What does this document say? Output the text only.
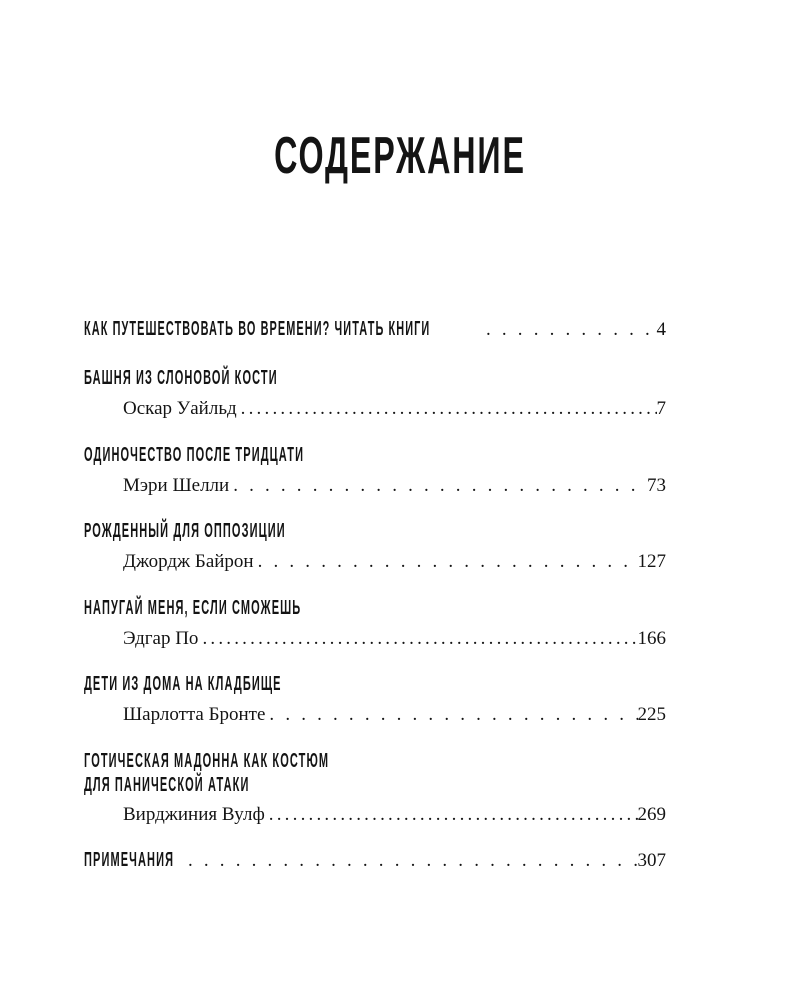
СОДЕРЖАНИЕ
КАК ПУТЕШЕСТВОВАТЬ ВО ВРЕМЕНИ? ЧИТАТЬ КНИГИ . . .	4
БАШНЯ ИЗ СЛОНОВОЙ КОСТИ
Оскар Уайльд .....	7
ОДИНОЧЕСТВО ПОСЛЕ ТРИДЦАТИ
Мэри Шелли . . .	73
РОЖДЕННЫЙ ДЛЯ ОППОЗИЦИИ
Джордж Байрон . . .	127
НАПУГАЙ МЕНЯ, ЕСЛИ СМОЖЕШЬ
Эдгар По .....	166
ДЕТИ ИЗ ДОМА НА КЛАДБИЩЕ
Шарлотта Бронте . . .	225
ГОТИЧЕСКАЯ МАДОННА КАК КОСТЮМ
ДЛЯ ПАНИЧЕСКОЙ АТАКИ
Вирджиния Вулф .....	269
ПРИМЕЧАНИЯ . . .	307
